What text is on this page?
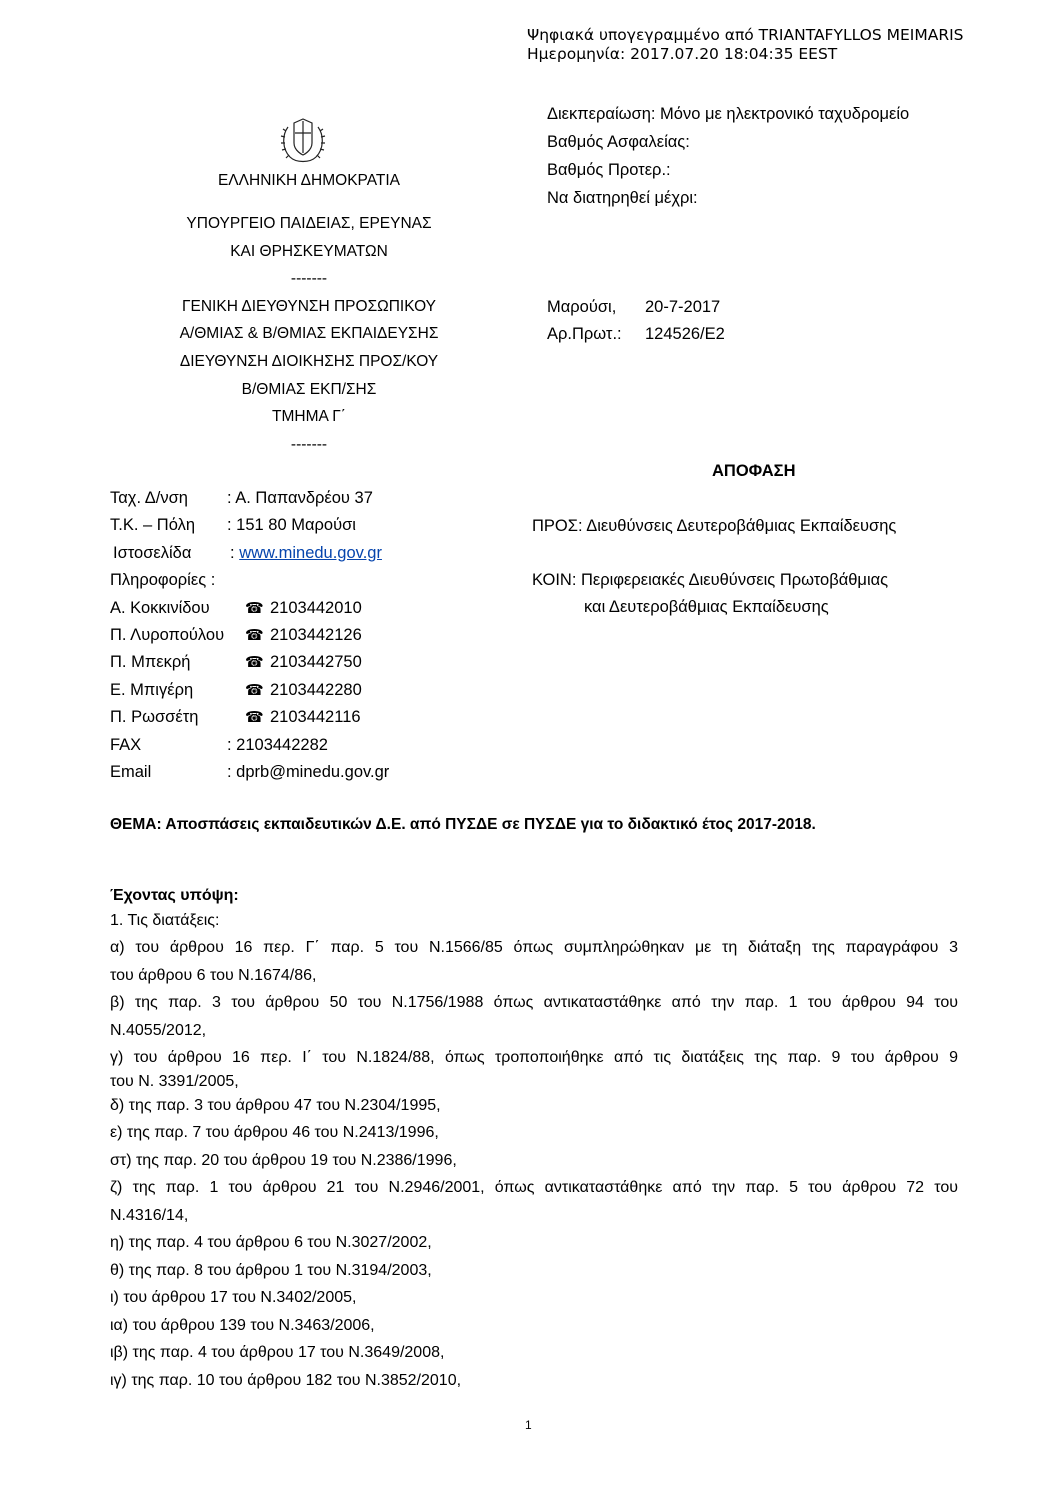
Ψηφιακά υπογεγραμμένο από TRIANTAFYLLOS MEIMARIS
Ημερομηνία: 2017.07.20 18:04:35 EEST
ΕΛΛΗΝΙΚΗ ΔΗΜΟΚΡΑΤΙΑ
ΥΠΟΥΡΓΕΙΟ ΠΑΙΔΕΙΑΣ, ΕΡΕΥΝΑΣ
ΚΑΙ ΘΡΗΣΚΕΥΜΑΤΩΝ
-------
ΓΕΝΙΚΗ ΔΙΕΥΘΥΝΣΗ ΠΡΟΣΩΠΙΚΟΥ
Α/ΘΜΙΑΣ & Β/ΘΜΙΑΣ ΕΚΠΑΙΔΕΥΣΗΣ
ΔΙΕΥΘΥΝΣΗ ΔΙΟΙΚΗΣΗΣ ΠΡΟΣ/ΚΟΥ
Β/ΘΜΙΑΣ ΕΚΠ/ΣΗΣ
ΤΜΗΜΑ Γ΄
-------
Διεκπεραίωση: Μόνο με ηλεκτρονικό ταχυδρομείο
Βαθμός Ασφαλείας:
Βαθμός Προτερ.:
Να διατηρηθεί μέχρι:
Μαρούσι, 20-7-2017
Αρ.Πρωτ.: 124526/Ε2
ΑΠΟΦΑΣΗ
Ταχ. Δ/νση : Α. Παπανδρέου 37
Τ.Κ. – Πόλη : 151 80 Μαρούσι
Ιστοσελίδα : www.minedu.gov.gr
Πληροφορίες :
Α. Κοκκινίδου ☎ 2103442010
Π. Λυροπούλου ☎ 2103442126
Π. Μπεκρή	☎ 2103442750
Ε. Μπιγέρη	☎ 2103442280
Π. Ρωσσέτη	☎ 2103442116
FAX	: 2103442282
Email	: dprb@minedu.gov.gr
ΠΡΟΣ: Διευθύνσεις Δευτεροβάθμιας Εκπαίδευσης
ΚΟΙΝ: Περιφερειακές Διευθύνσεις Πρωτοβάθμιας
και Δευτεροβάθμιας Εκπαίδευσης
ΘΕΜΑ: Αποσπάσεις εκπαιδευτικών Δ.Ε. από ΠΥΣΔΕ σε ΠΥΣΔΕ για το διδακτικό έτος 2017-2018.
Έχοντας υπόψη:
1. Τις διατάξεις:
α) του άρθρου 16 περ. Γ΄ παρ. 5 του Ν.1566/85 όπως συμπληρώθηκαν με τη διάταξη της παραγράφου 3
του άρθρου 6 του Ν.1674/86,
β) της παρ. 3 του άρθρου 50 του Ν.1756/1988 όπως αντικαταστάθηκε από την παρ. 1 του άρθρου 94 του
Ν.4055/2012,
γ) του άρθρου 16 περ. Ι΄ του Ν.1824/88, όπως τροποποιήθηκε από τις διατάξεις της παρ. 9 του άρθρου 9
του Ν. 3391/2005,
δ) της παρ. 3 του άρθρου 47 του Ν.2304/1995,
ε) της παρ. 7 του άρθρου 46 του Ν.2413/1996,
στ) της παρ. 20 του άρθρου 19 του Ν.2386/1996,
ζ) της παρ. 1 του άρθρου 21 του Ν.2946/2001, όπως αντικαταστάθηκε από την παρ. 5 του άρθρου 72 του
Ν.4316/14,
η) της παρ. 4 του άρθρου 6 του Ν.3027/2002,
θ) της παρ. 8 του άρθρου 1 του Ν.3194/2003,
ι) του άρθρου 17 του Ν.3402/2005,
ια) του άρθρου 139 του Ν.3463/2006,
ιβ) της παρ. 4 του άρθρου 17 του Ν.3649/2008,
ιγ) της παρ. 10 του άρθρου 182 του Ν.3852/2010,
1
